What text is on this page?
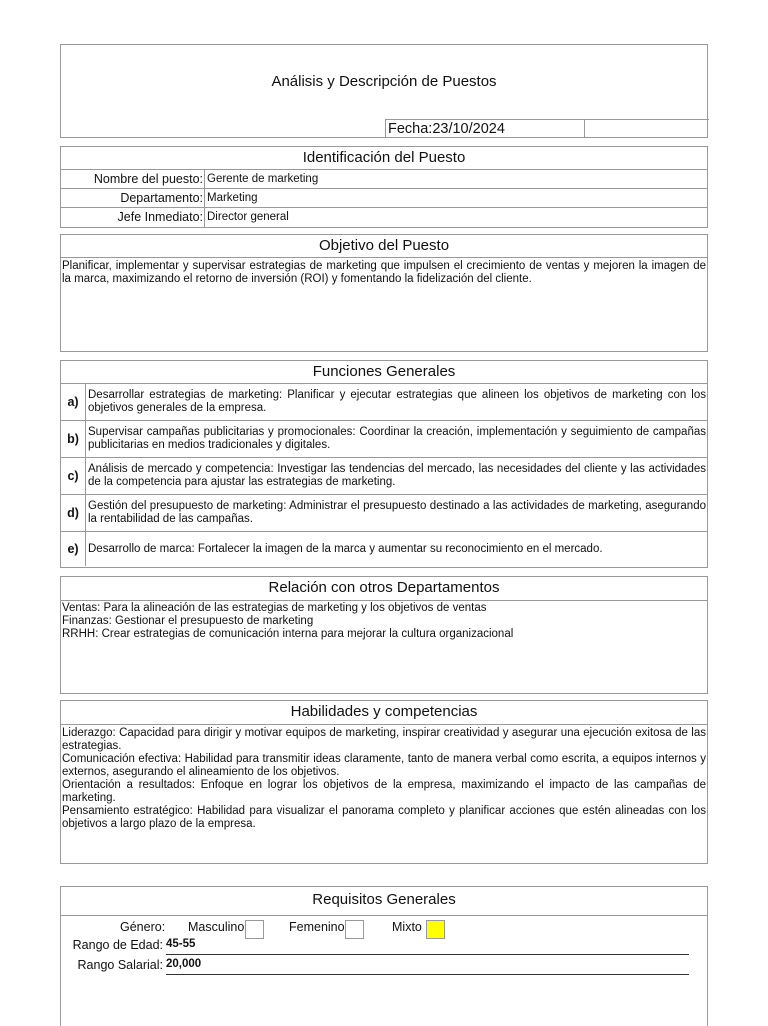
Análisis y Descripción de Puestos
Fecha:23/10/2024
Identificación del Puesto
Nombre del puesto: Gerente de marketing
Departamento: Marketing
Jefe Inmediato: Director general
Objetivo del Puesto
Planificar, implementar y supervisar estrategias de marketing que impulsen el crecimiento de ventas y mejoren la imagen de la marca, maximizando el retorno de inversión (ROI) y fomentando la fidelización del cliente.
Funciones Generales
a) Desarrollar estrategias de marketing: Planificar y ejecutar estrategias que alineen los objetivos de marketing con los objetivos generales de la empresa.
b) Supervisar campañas publicitarias y promocionales: Coordinar la creación, implementación y seguimiento de campañas publicitarias en medios tradicionales y digitales.
c) Análisis de mercado y competencia: Investigar las tendencias del mercado, las necesidades del cliente y las actividades de la competencia para ajustar las estrategias de marketing.
d) Gestión del presupuesto de marketing: Administrar el presupuesto destinado a las actividades de marketing, asegurando la rentabilidad de las campañas.
e) Desarrollo de marca: Fortalecer la imagen de la marca y aumentar su reconocimiento en el mercado.
Relación con otros Departamentos
Ventas: Para la alineación de las estrategias de marketing y los objetivos de ventas
Finanzas: Gestionar el presupuesto de marketing
RRHH: Crear estrategias de comunicación interna para mejorar la cultura organizacional
Habilidades y competencias
Liderazgo: Capacidad para dirigir y motivar equipos de marketing, inspirar creatividad y asegurar una ejecución exitosa de las estrategias.
Comunicación efectiva: Habilidad para transmitir ideas claramente, tanto de manera verbal como escrita, a equipos internos y externos, asegurando el alineamiento de los objetivos.
Orientación a resultados: Enfoque en lograr los objetivos de la empresa, maximizando el impacto de las campañas de marketing.
Pensamiento estratégico: Habilidad para visualizar el panorama completo y planificar acciones que estén alineadas con los objetivos a largo plazo de la empresa.
Requisitos Generales
Género: Masculino	Femenino	Mixto
Rango de Edad: 45-55
Rango Salarial: 20,000
